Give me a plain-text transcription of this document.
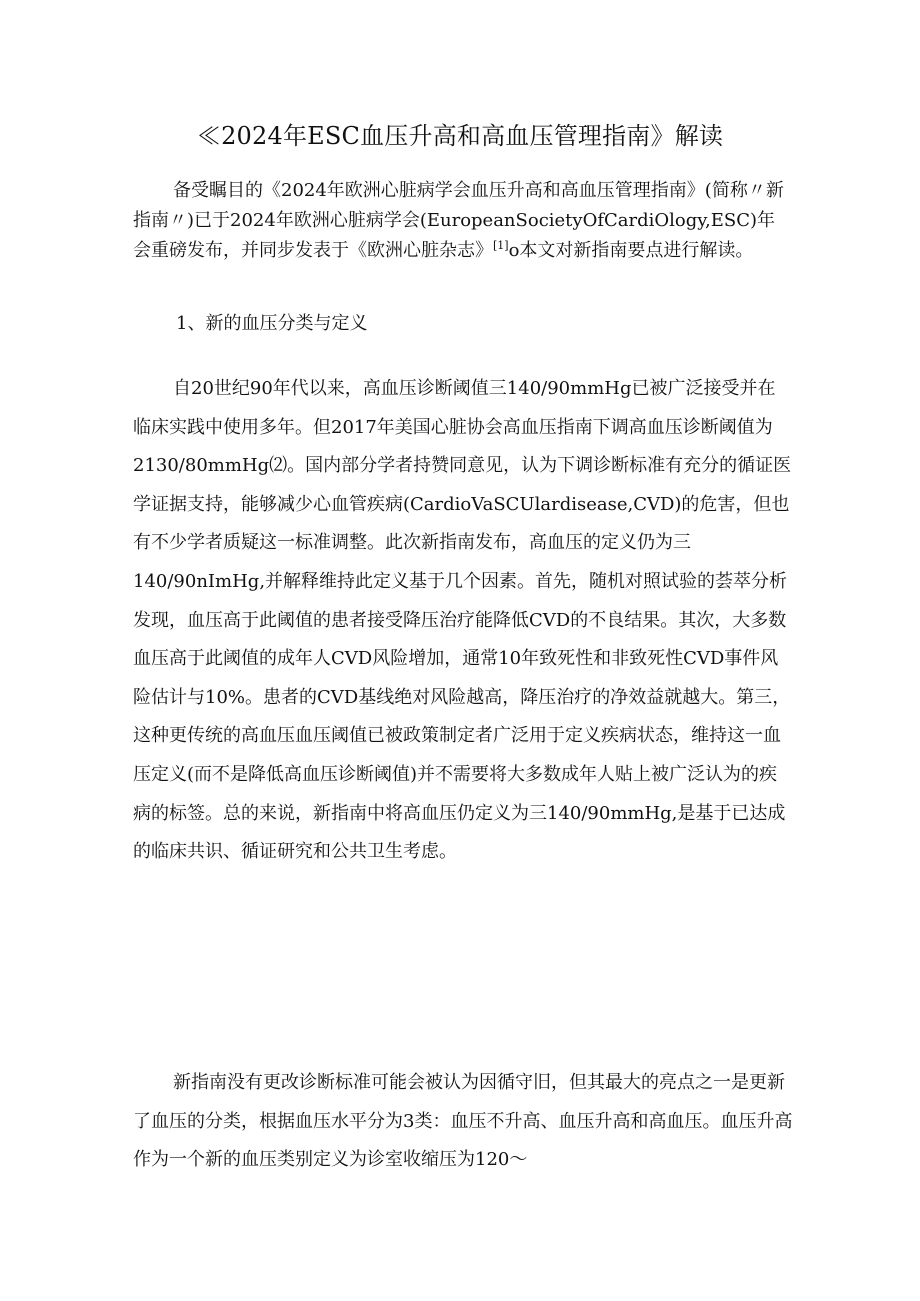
≪2024年ESC血压升高和高血压管理指南》解读

备受瞩目的《2024年欧洲心脏病学会血压升高和高血压管理指南》(简称〃新指南〃)已于2024年欧洲心脏病学会(EuropeanSocietyOfCardiOlogy,ESC)年会重磅发布，并同步发表于《欧洲心脏杂志》[1]o本文对新指南要点进行解读。

1、新的血压分类与定义

自20世纪90年代以来，高血压诊断阈值三140/90mmHg已被广泛接受并在临床实践中使用多年。但2017年美国心脏协会高血压指南下调高血压诊断阈值为2130/80mmHg⑵。国内部分学者持赞同意见，认为下调诊断标准有充分的循证医学证据支持，能够减少心血管疾病(CardioVaSCUlardisease,CVD)的危害，但也有不少学者质疑这一标准调整。此次新指南发布，高血压的定义仍为三140/90nImHg,并解释维持此定义基于几个因素。首先，随机对照试验的荟萃分析发现，血压高于此阈值的患者接受降压治疗能降低CVD的不良结果。其次，大多数血压高于此阈值的成年人CVD风险增加，通常10年致死性和非致死性CVD事件风险估计与10%。患者的CVD基线绝对风险越高，降压治疗的净效益就越大。第三，这种更传统的高血压血压阈值已被政策制定者广泛用于定义疾病状态，维持这一血压定义(而不是降低高血压诊断阈值)并不需要将大多数成年人贴上被广泛认为的疾病的标签。总的来说，新指南中将高血压仍定义为三140/90mmHg,是基于已达成的临床共识、循证研究和公共卫生考虑。

新指南没有更改诊断标准可能会被认为因循守旧，但其最大的亮点之一是更新了血压的分类，根据血压水平分为3类：血压不升高、血压升高和高血压。血压升高作为一个新的血压类别定义为诊室收缩压为120〜
